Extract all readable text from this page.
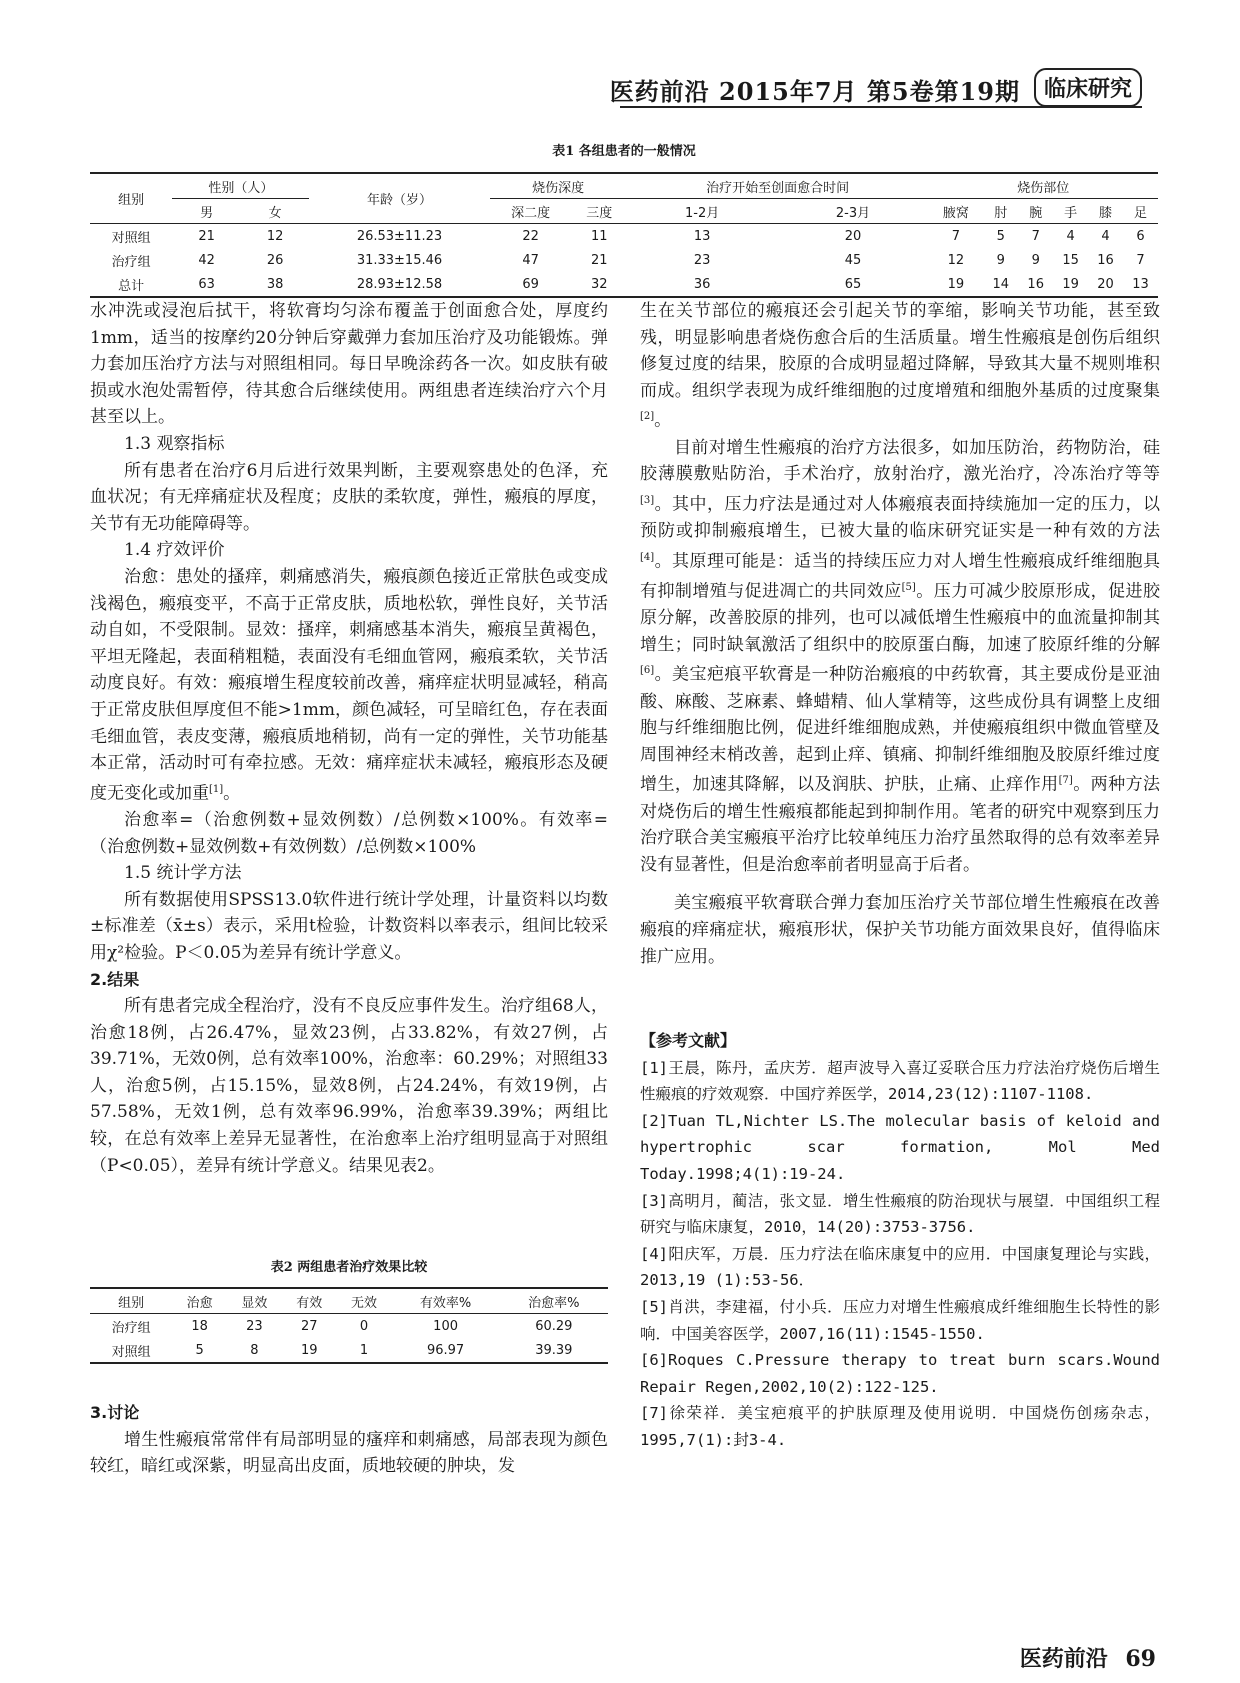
医药前沿 2015年7月 第5卷第19期	临床研究
表1 各组患者的一般情况
组别	性别（人）		年龄（岁）	烧伤深度		治疗开始至创面愈合时间		烧伤部位					
	男	女		深二度	三度	1-2月	2-3月	腋窝	肘	腕	手	膝	足
对照组	21	12	26.53±11.23	22	11	13	20	7	5	7	4	4	6
治疗组	42	26	31.33±15.46	47	21	23	45	12	9	9	15	16	7
总计	63	38	28.93±12.58	69	32	36	65	19	14	16	19	20	13

水冲洗或浸泡后拭干，将软膏均匀涂布覆盖于创面愈合处，厚度约1mm，适当的按摩约20分钟后穿戴弹力套加压治疗及功能锻炼。弹力套加压治疗方法与对照组相同。每日早晚涂药各一次。如皮肤有破损或水泡处需暂停，待其愈合后继续使用。两组患者连续治疗六个月甚至以上。

1.3 观察指标

所有患者在治疗6月后进行效果判断，主要观察患处的色泽，充血状况；有无痒痛症状及程度；皮肤的柔软度，弹性，瘢痕的厚度，关节有无功能障碍等。

1.4 疗效评价

治愈：患处的搔痒，刺痛感消失，瘢痕颜色接近正常肤色或变成浅褐色，瘢痕变平，不高于正常皮肤，质地松软，弹性良好，关节活动自如，不受限制。显效：搔痒，刺痛感基本消失，瘢痕呈黄褐色，平坦无隆起，表面稍粗糙，表面没有毛细血管网，瘢痕柔软，关节活动度良好。有效：瘢痕增生程度较前改善，痛痒症状明显减轻，稍高于正常皮肤但厚度但不能>1mm，颜色减轻，可呈暗红色，存在表面毛细血管，表皮变薄，瘢痕质地稍韧，尚有一定的弹性，关节功能基本正常，活动时可有牵拉感。无效：痛痒症状未减轻，瘢痕形态及硬度无变化或加重[1]。

治愈率=（治愈例数+显效例数）/总例数×100%。有效率=（治愈例数+显效例数+有效例数）/总例数×100%

1.5 统计学方法

所有数据使用SPSS13.0软件进行统计学处理，计量资料以均数±标准差（x̄±s）表示，采用t检验，计数资料以率表示，组间比较采用χ²检验。P＜0.05为差异有统计学意义。

2.结果

所有患者完成全程治疗，没有不良反应事件发生。治疗组68人，治愈18例，占26.47%，显效23例，占33.82%，有效27例，占39.71%，无效0例，总有效率100%，治愈率：60.29%；对照组33人，治愈5例，占15.15%，显效8例，占24.24%，有效19例，占57.58%，无效1例，总有效率96.99%，治愈率39.39%；两组比较，在总有效率上差异无显著性，在治愈率上治疗组明显高于对照组（P<0.05），差异有统计学意义。结果见表2。

表2 两组患者治疗效果比较
组别	治愈	显效	有效	无效	有效率%	治愈率%
治疗组	18	23	27	0	100	60.29
对照组	5	8	19	1	96.97	39.39

3.讨论

增生性瘢痕常常伴有局部明显的瘙痒和刺痛感，局部表现为颜色较红，暗红或深紫，明显高出皮面，质地较硬的肿块，发

生在关节部位的瘢痕还会引起关节的挛缩，影响关节功能，甚至致残，明显影响患者烧伤愈合后的生活质量。增生性瘢痕是创伤后组织修复过度的结果，胶原的合成明显超过降解，导致其大量不规则堆积而成。组织学表现为成纤维细胞的过度增殖和细胞外基质的过度聚集[2]。

目前对增生性瘢痕的治疗方法很多，如加压防治，药物防治，硅胶薄膜敷贴防治，手术治疗，放射治疗，激光治疗，冷冻治疗等等[3]。其中，压力疗法是通过对人体瘢痕表面持续施加一定的压力，以预防或抑制瘢痕增生，已被大量的临床研究证实是一种有效的方法[4]。其原理可能是：适当的持续压应力对人增生性瘢痕成纤维细胞具有抑制增殖与促进凋亡的共同效应[5]。压力可减少胶原形成，促进胶原分解，改善胶原的排列，也可以减低增生性瘢痕中的血流量抑制其增生；同时缺氧激活了组织中的胶原蛋白酶，加速了胶原纤维的分解[6]。美宝疤痕平软膏是一种防治瘢痕的中药软膏，其主要成份是亚油酸、麻酸、芝麻素、蜂蜡精、仙人掌精等，这些成份具有调整上皮细胞与纤维细胞比例，促进纤维细胞成熟，并使瘢痕组织中微血管壁及周围神经末梢改善，起到止痒、镇痛、抑制纤维细胞及胶原纤维过度增生，加速其降解，以及润肤、护肤，止痛、止痒作用[7]。两种方法对烧伤后的增生性瘢痕都能起到抑制作用。笔者的研究中观察到压力治疗联合美宝瘢痕平治疗比较单纯压力治疗虽然取得的总有效率差异没有显著性，但是治愈率前者明显高于后者。

美宝瘢痕平软膏联合弹力套加压治疗关节部位增生性瘢痕在改善瘢痕的痒痛症状，瘢痕形状，保护关节功能方面效果良好，值得临床推广应用。

【参考文献】
[1]王晨，陈丹，孟庆芳．超声波导入喜辽妥联合压力疗法治疗烧伤后增生性瘢痕的疗效观察．中国疗养医学，2014,23(12):1107-1108.
[2]Tuan TL,Nichter LS.The molecular basis of keloid and hypertrophic scar formation, Mol Med Today.1998;4(1):19-24.
[3]高明月，蔺洁，张文显．增生性瘢痕的防治现状与展望．中国组织工程研究与临床康复，2010，14(20):3753-3756.
[4]阳庆军，万晨．压力疗法在临床康复中的应用．中国康复理论与实践，2013,19 (1):53-56．
[5]肖洪，李建福，付小兵．压应力对增生性瘢痕成纤维细胞生长特性的影响．中国美容医学，2007,16(11):1545-1550.
[6]Roques C.Pressure therapy to treat burn scars.Wound Repair Regen,2002,10(2):122-125.
[7]徐荣祥．美宝疤痕平的护肤原理及使用说明．中国烧伤创疡杂志，1995,7(1):封3-4.
医药前沿 69
